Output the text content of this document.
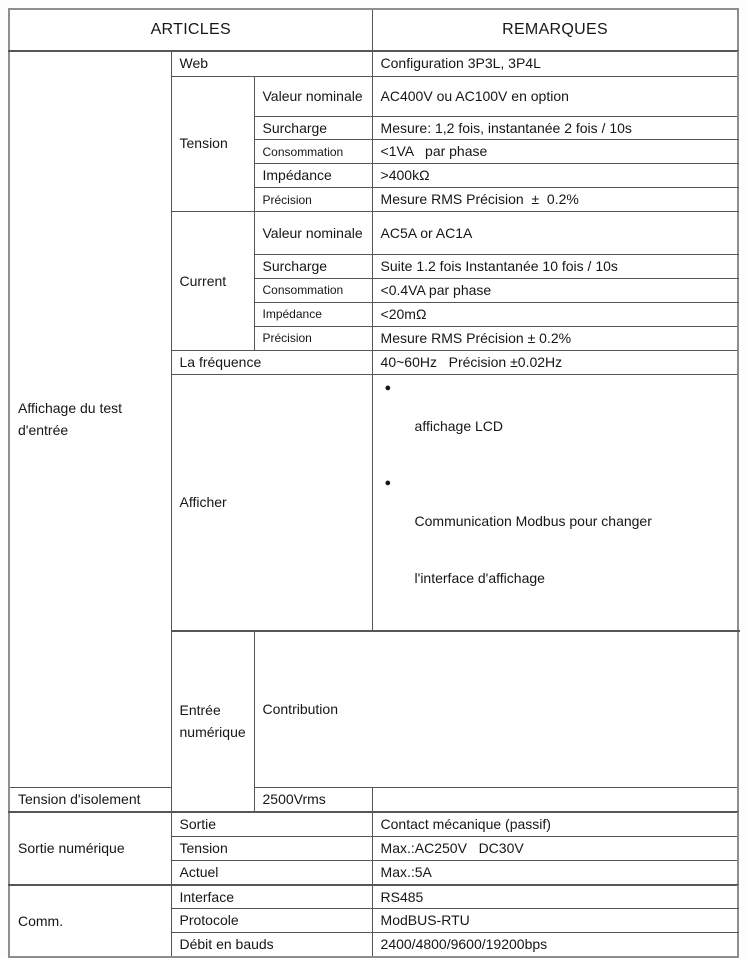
ARTICLES			REMARQUES	
Affichage du test d'entrée	Web		Configuration 3P3L, 3P4L	
	Tension	Valeur nominale	AC400V ou AC100V en option	
		Surcharge	Mesure: 1,2 fois, instantanée 2 fois / 10s	
		Consommation	<1VA   par phase	
		Impédance	>400kΩ	
		Précision	Mesure RMS Précision  ±  0.2%	
	Current	Valeur nominale	AC5A or AC1A	
		Surcharge	Suite 1.2 fois Instantanée 10 fois / 10s	
		Consommation	<0.4VA par phase	
		Impédance	<20mΩ	
		Précision	Mesure RMS Précision ± 0.2%	
	La fréquence		40~60Hz   Précision ±0.02Hz	
	Afficher		●

affichage LCD

●

Communication Modbus pour changer

l'interface d'affichage	

	Entrée numérique	Contribution	
Tension d'isolement		2500Vrms		
Sortie numérique	Sortie		Contact mécanique (passif)	
	Tension		Max.:AC250V   DC30V	
	Actuel		Max.:5A	
Comm.	Interface		RS485	
	Protocole		ModBUS-RTU	
	Débit en bauds		2400/4800/9600/19200bps	
